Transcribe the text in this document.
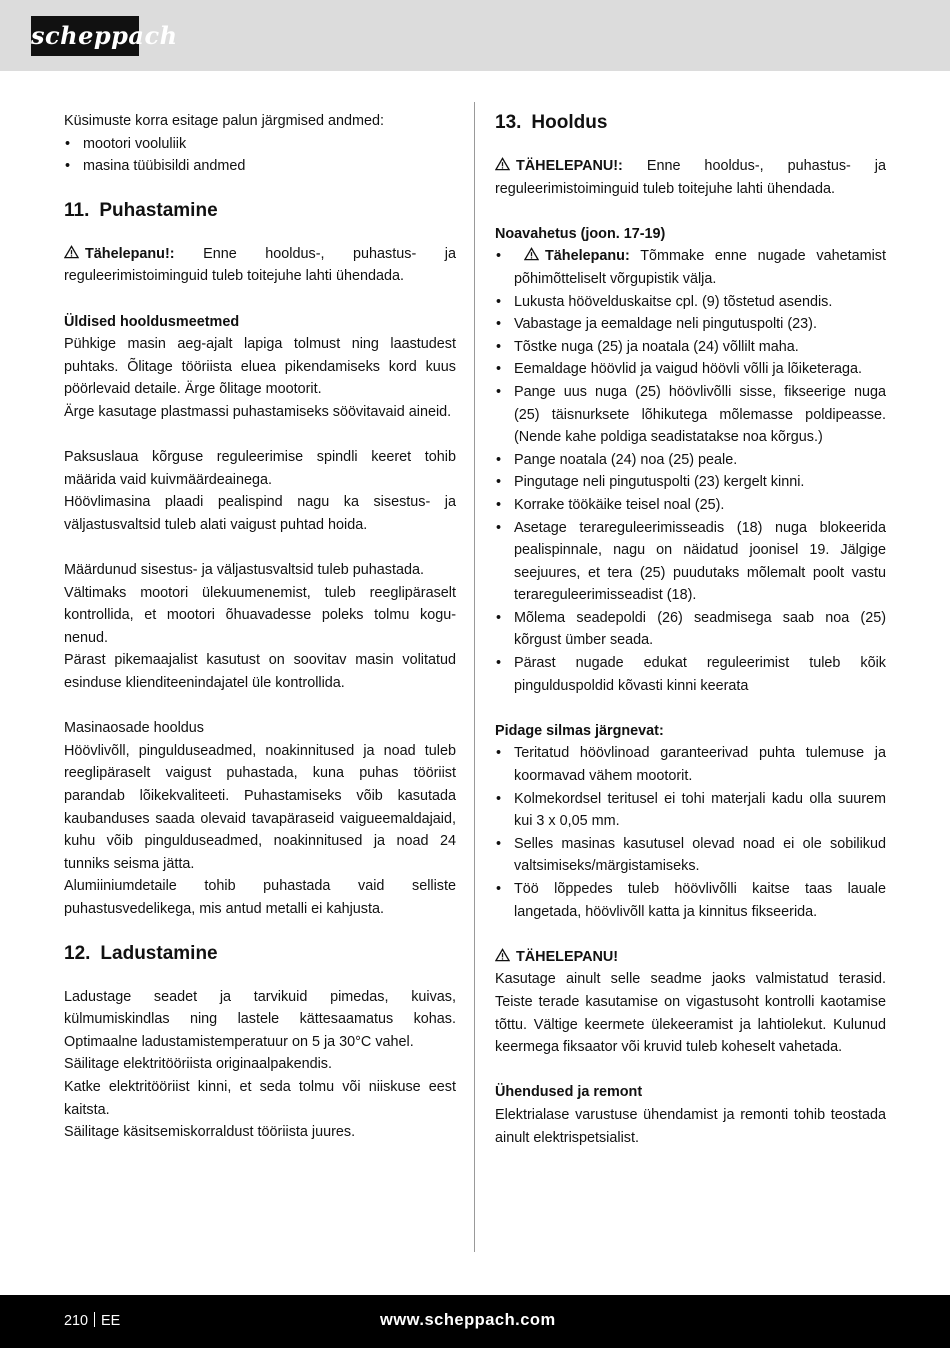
scheppach

Küsimuste korra esitage palun järgmised andmed:

• mootori vooluliik
• masina tüübisildi andmed
11. Puhastamine

Tähelepanu!: Enne hooldus-, puhastus- ja reguleerimistoiminguid tuleb toitejuhe lahti ühendada.

Üldised hooldusmeetmed

Pühkige masin aeg-ajalt lapiga tolmust ning laastudest puhtaks. Õlitage tööriista eluea pikendamiseks kord kuus pöörlevaid detaile. Ärge õlitage mootorit.

Ärge kasutage plastmassi puhastamiseks söövitavaid aineid.

Paksuslaua kõrguse reguleerimise spindli keeret tohib määrida vaid kuivmäärdeainega.

Höövlimasina plaadi pealispind nagu ka sisestus- ja väljastusvaltsid tuleb alati vaigust puhtad hoida.

Määrdunud sisestus- ja väljastusvaltsid tuleb puhastada.

Vältimaks mootori ülekuumenemist, tuleb reeglipäraselt kontrollida, et mootori õhuavadesse poleks tolmu kogu-nenud.

Pärast pikemaajalist kasutust on soovitav masin volitatud esinduse klienditeenindajatel üle kontrollida.

Masinaosade hooldus

Höövlivõll, pingulduseadmed, noakinnitused ja noad tuleb reeglipäraselt vaigust puhastada, kuna puhas tööriist parandab lõikekvaliteeti. Puhastamiseks võib kasutada kaubanduses saada olevaid tavapäraseid vaigueemaldajaid, kuhu võib pingulduseadmed, noakinnitused ja noad 24 tunniks seisma jätta.

Alumiiniumdetaile tohib puhastada vaid selliste puhastusvedelikega, mis antud metalli ei kahjusta.

12. Ladustamine

Ladustage seadet ja tarvikuid pimedas, kuivas, külmumiskindlas ning lastele kättesaamatus kohas. Optimaalne ladustamistemperatuur on 5 ja 30°C vahel.

Säilitage elektritööriista originaalpakendis.

Katke elektritööriist kinni, et seda tolmu või niiskuse eest kaitsta.

Säilitage käsitsemiskorraldust tööriista juures.

13. Hooldus

TÄHELEPANU!: Enne hooldus-, puhastus- ja reguleerimistoiminguid tuleb toitejuhe lahti ühendada.

Noavahetus (joon. 17-19)

• Tähelepanu: Tõmmake enne nugade vahetamist põhimõtteliselt võrgupistik välja.
• Lukusta höövelduskaitse cpl. (9) tõstetud asendis.
• Vabastage ja eemaldage neli pingutuspolti (23).
• Tõstke nuga (25) ja noatala (24) võllilt maha.
• Eemaldage höövlid ja vaigud höövli võlli ja lõiketeraga.
• Pange uus nuga (25) höövlivõlli sisse, fikseerige nuga (25) täisnurksete lõhikutega mõlemasse poldipeasse. (Nende kahe poldiga seadistatakse noa kõrgus.)
• Pange noatala (24) noa (25) peale.
• Pingutage neli pingutuspolti (23) kergelt kinni.
• Korrake töökäike teisel noal (25).
• Asetage terareguleerimisseadis (18) nuga blokeerida pealispinnale, nagu on näidatud joonisel 19. Jälgige seejuures, et tera (25) puudutaks mõlemalt poolt vastu terareguleerimisseadist (18).
• Mõlema seadepoldi (26) seadmisega saab noa (25) kõrgust ümber seada.
• Pärast nugade edukat reguleerimist tuleb kõik pingulduspoldid kõvasti kinni keerata

Pidage silmas järgnevat:

• Teritatud höövlinoad garanteerivad puhta tulemuse ja koormavad vähem mootorit.
• Kolmekordsel teritusel ei tohi materjali kadu olla suurem kui 3 x 0,05 mm.
• Selles masinas kasutusel olevad noad ei ole sobilikud valtsimiseks/märgistamiseks.
• Töö lõppedes tuleb höövlivõlli kaitse taas lauale langetada, höövlivõll katta ja kinnitus fikseerida.

TÄHELEPANU!

Kasutage ainult selle seadme jaoks valmistatud terasid. Teiste terade kasutamise on vigastusoht kontrolli kaotamise tõttu. Vältige keermete ülekeeramist ja lahtiolekut. Kulunud keermega fiksaator või kruvid tuleb koheselt vahetada.

Ühendused ja remont

Elektrialase varustuse ühendamist ja remonti tohib teostada ainult elektrispetsialist.

210 EE	www.scheppach.com
